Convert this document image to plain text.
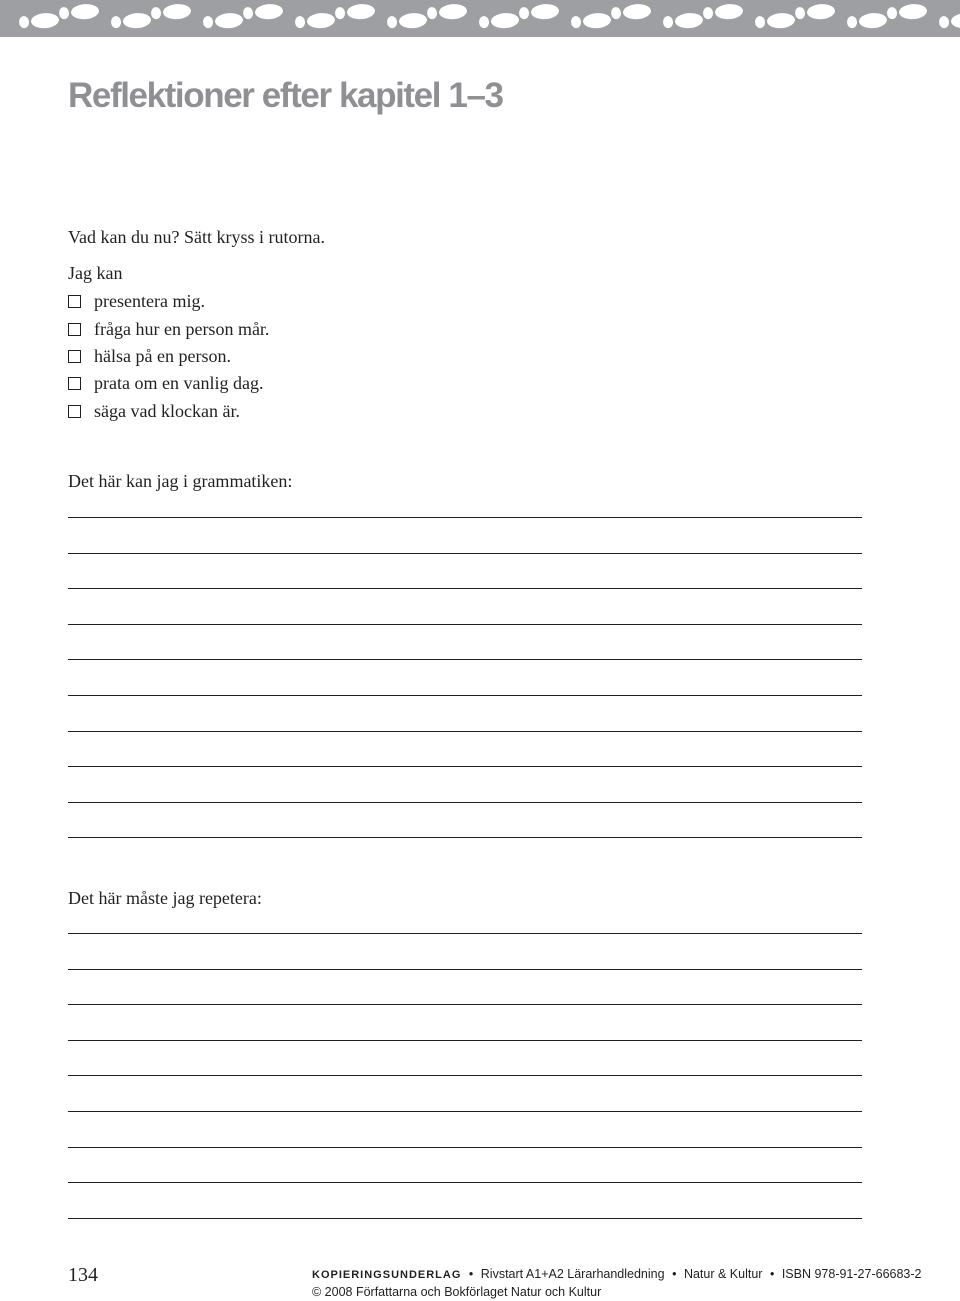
Reflektioner efter kapitel 1–3

Vad kan du nu? Sätt kryss i rutorna.

Jag kan

presentera mig.
fråga hur en person mår.
hälsa på en person.
prata om en vanlig dag.
säga vad klockan är.

Det här kan jag i grammatiken:

Det här måste jag repetera:

134	KOPIERINGSUNDERLAG • Rivstart A1+A2 Lärarhandledning • Natur & Kultur • ISBN 978-91-27-66683-2
© 2008 Författarna och Bokförlaget Natur och Kultur
